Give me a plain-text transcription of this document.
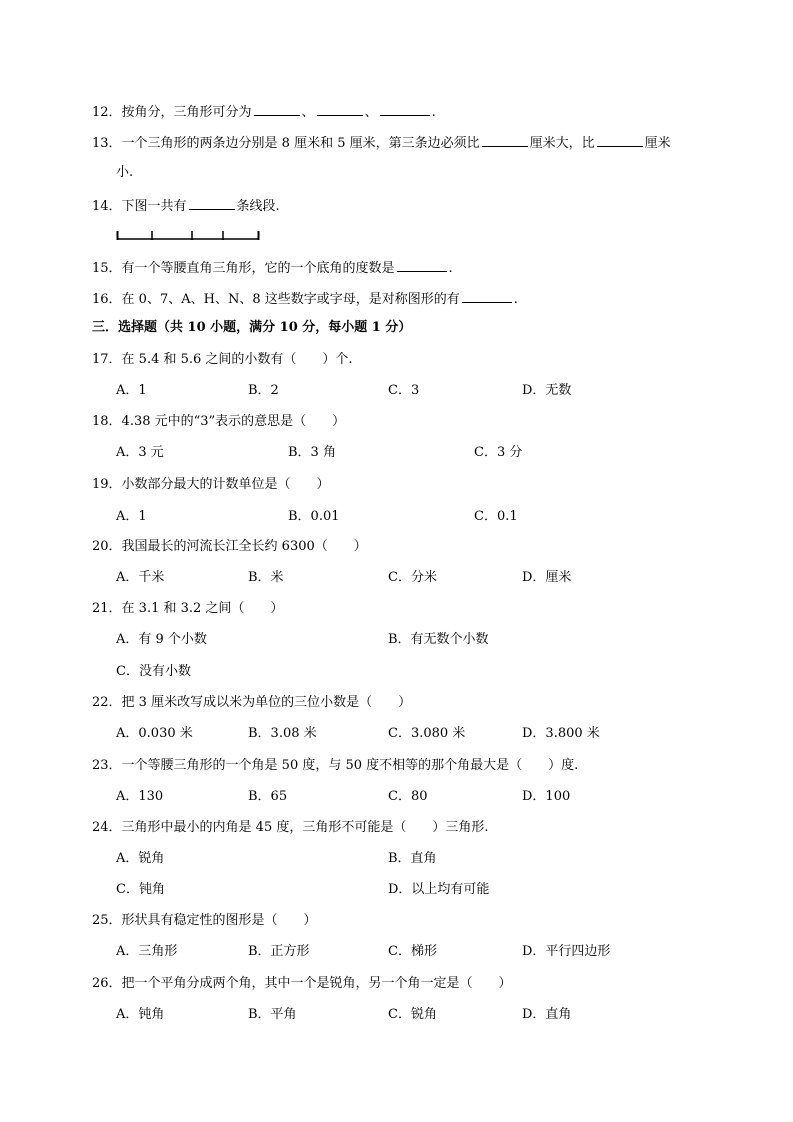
12．按角分，三角形可分为	、	、	.
13．一个三角形的两条边分别是 8 厘米和 5 厘米，第三条边必须比	厘米大，比	厘米
小.
14．下图一共有	条线段.
15．有一个等腰直角三角形，它的一个底角的度数是	.
16．在 0、7、A、H、N、8 这些数字或字母，是对称图形的有	.
三．选择题（共 10 小题，满分 10 分，每小题 1 分）
17．在 5.4 和 5.6 之间的小数有（　　）个.
A．1	B．2	C．3	D．无数
18．4.38 元中的“3”表示的意思是（　　）
A．3 元	B．3 角	C．3 分
19．小数部分最大的计数单位是（　　）
A．1	B．0.01	C．0.1
20．我国最长的河流长江全长约 6300（　　）
A．千米	B．米	C．分米	D．厘米
21．在 3.1 和 3.2 之间（　　）
A．有 9 个小数	B．有无数个小数
C．没有小数
22．把 3 厘米改写成以米为单位的三位小数是（　　）
A．0.030 米	B．3.08 米	C．3.080 米	D．3.800 米
23．一个等腰三角形的一个角是 50 度，与 50 度不相等的那个角最大是（　　）度.
A．130	B．65	C．80	D．100
24．三角形中最小的内角是 45 度，三角形不可能是（　　）三角形.
A．锐角	B．直角
C．钝角	D．以上均有可能
25．形状具有稳定性的图形是（　　）
A．三角形	B．正方形	C．梯形	D．平行四边形
26．把一个平角分成两个角，其中一个是锐角，另一个角一定是（　　）
A．钝角	B．平角	C．锐角	D．直角
